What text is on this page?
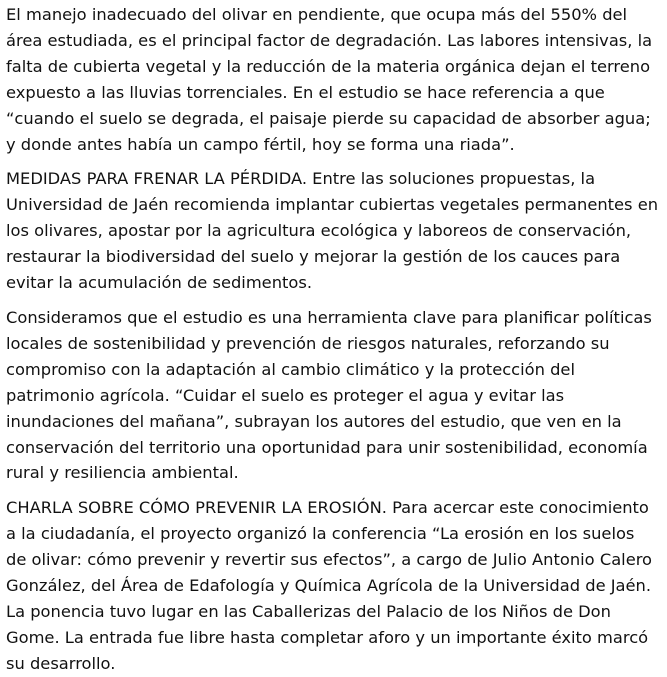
El manejo inadecuado del olivar en pendiente, que ocupa más del 550% del área estudiada, es el principal factor de degradación. Las labores intensivas, la falta de cubierta vegetal y la reducción de la materia orgánica dejan el terreno expuesto a las lluvias torrenciales. En el estudio se hace referencia a que “cuando el suelo se degrada, el paisaje pierde su capacidad de absorber agua; y donde antes había un campo fértil, hoy se forma una riada”.

MEDIDAS PARA FRENAR LA PÉRDIDA. Entre las soluciones propuestas, la Universidad de Jaén recomienda implantar cubiertas vegetales permanentes en los olivares, apostar por la agricultura ecológica y laboreos de conservación, restaurar la biodiversidad del suelo y mejorar la gestión de los cauces para evitar la acumulación de sedimentos.

Consideramos que el estudio es una herramienta clave para planificar políticas locales de sostenibilidad y prevención de riesgos naturales, reforzando su compromiso con la adaptación al cambio climático y la protección del patrimonio agrícola. “Cuidar el suelo es proteger el agua y evitar las inundaciones del mañana”, subrayan los autores del estudio, que ven en la conservación del territorio una oportunidad para unir sostenibilidad, economía rural y resiliencia ambiental.

CHARLA SOBRE CÓMO PREVENIR LA EROSIÓN. Para acercar este conocimiento a la ciudadanía, el proyecto organizó la conferencia “La erosión en los suelos de olivar: cómo prevenir y revertir sus efectos”, a cargo de Julio Antonio Calero González, del Área de Edafología y Química Agrícola de la Universidad de Jaén. La ponencia tuvo lugar en las Caballerizas del Palacio de los Niños de Don Gome. La entrada fue libre hasta completar aforo y un importante éxito marcó su desarrollo.
